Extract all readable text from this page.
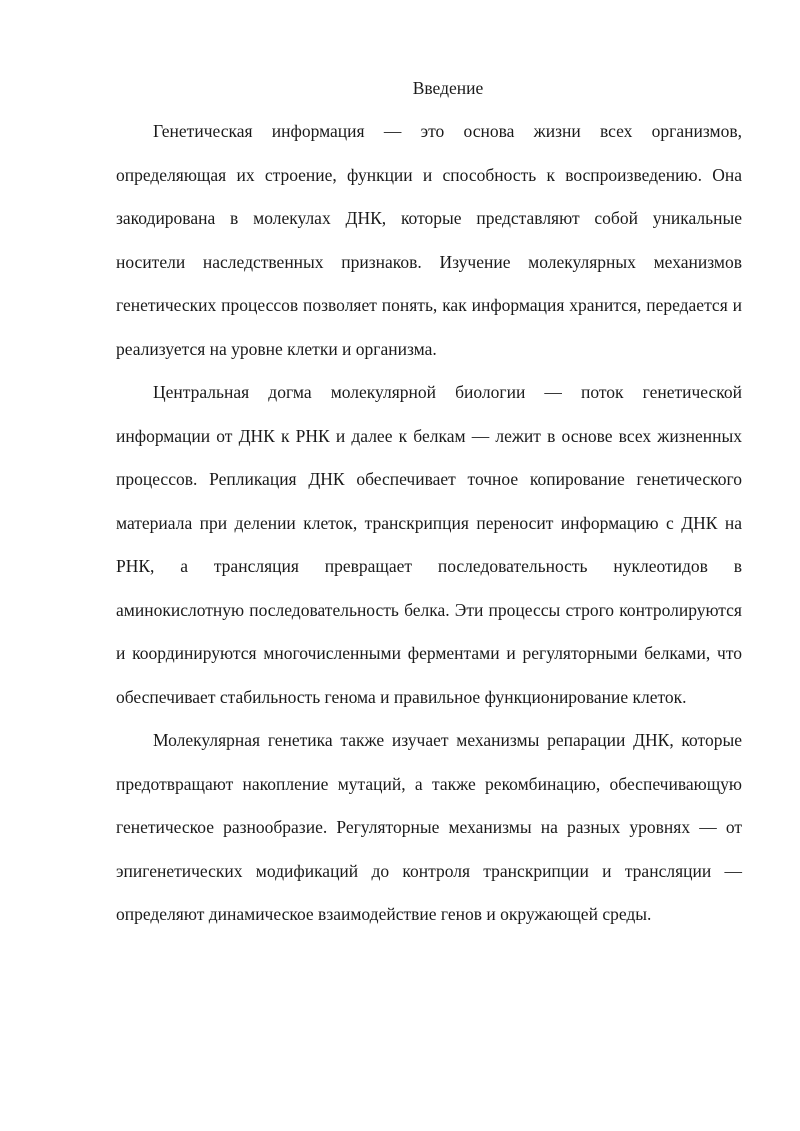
Введение

Генетическая информация — это основа жизни всех организмов, определяющая их строение, функции и способность к воспроизведению. Она закодирована в молекулах ДНК, которые представляют собой уникальные носители наследственных признаков. Изучение молекулярных механизмов генетических процессов позволяет понять, как информация хранится, передается и реализуется на уровне клетки и организма.

Центральная догма молекулярной биологии — поток генетической информации от ДНК к РНК и далее к белкам — лежит в основе всех жизненных процессов. Репликация ДНК обеспечивает точное копирование генетического материала при делении клеток, транскрипция переносит информацию с ДНК на РНК, а трансляция превращает последовательность нуклеотидов в аминокислотную последовательность белка. Эти процессы строго контролируются и координируются многочисленными ферментами и регуляторными белками, что обеспечивает стабильность генома и правильное функционирование клеток.

Молекулярная генетика также изучает механизмы репарации ДНК, которые предотвращают накопление мутаций, а также рекомбинацию, обеспечивающую генетическое разнообразие. Регуляторные механизмы на разных уровнях — от эпигенетических модификаций до контроля транскрипции и трансляции — определяют динамическое взаимодействие генов и окружающей среды.
